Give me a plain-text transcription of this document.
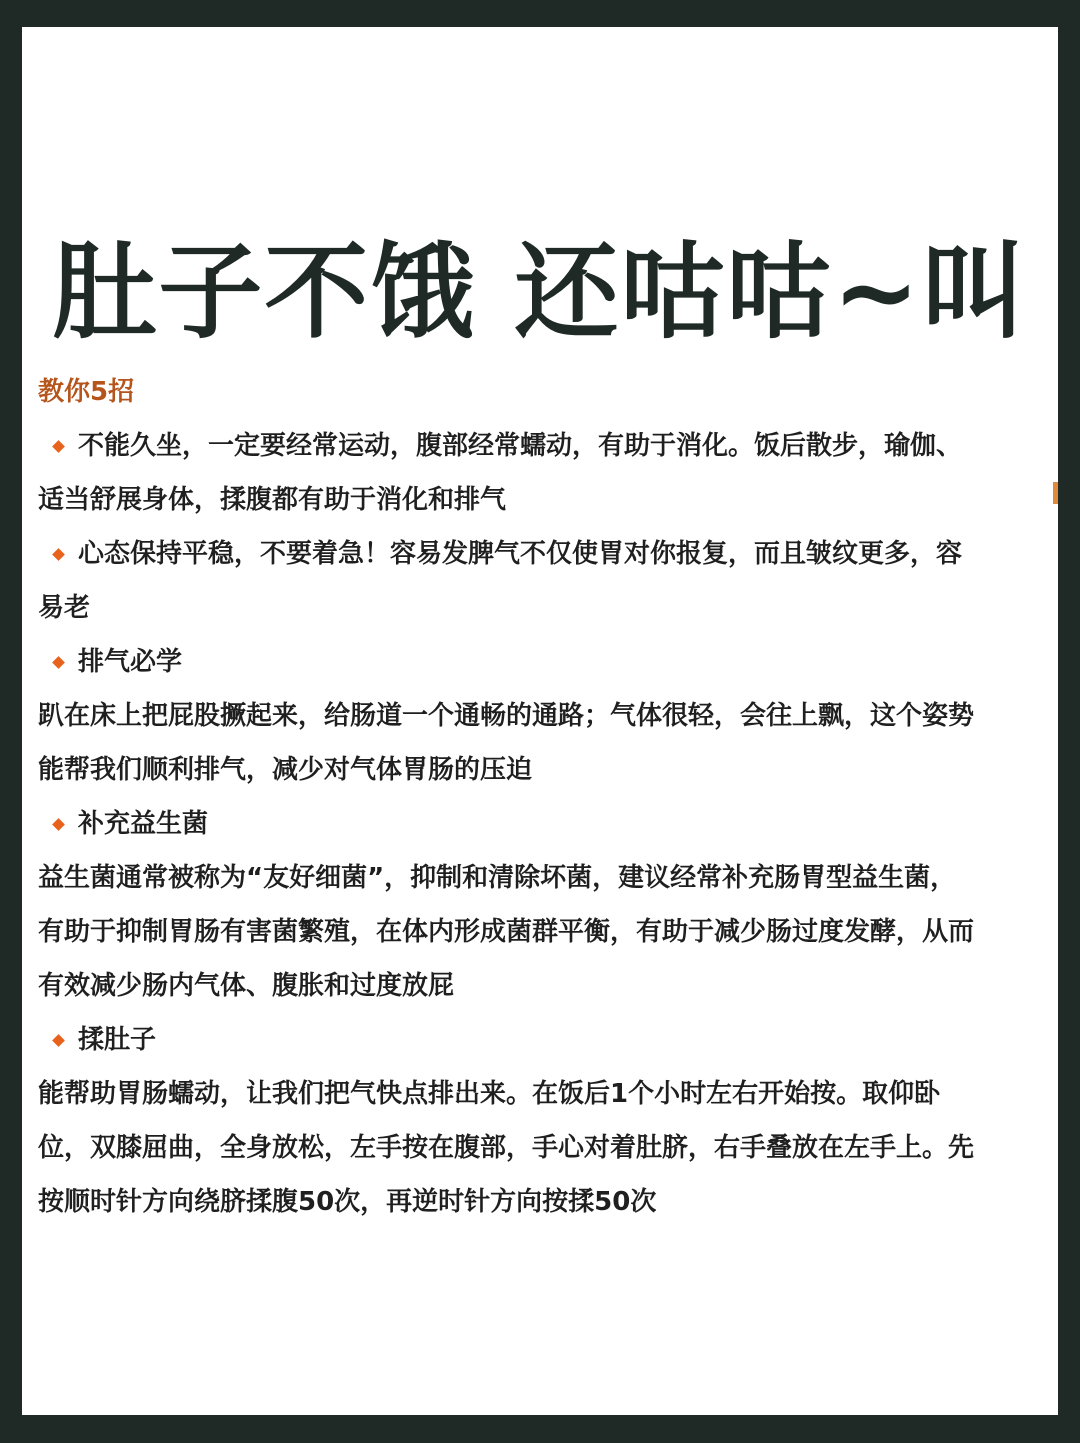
肚子不饿 还咕咕~叫
教你5招
不能久坐，一定要经常运动，腹部经常蠕动，有助于消化。饭后散步，瑜伽、
适当舒展身体，揉腹都有助于消化和排气
心态保持平稳，不要着急！容易发脾气不仅使胃对你报复，而且皱纹更多，容
易老
排气必学
趴在床上把屁股撅起来，给肠道一个通畅的通路；气体很轻，会往上飘，这个姿势
能帮我们顺利排气，减少对气体胃肠的压迫
补充益生菌
益生菌通常被称为“友好细菌”，抑制和清除坏菌，建议经常补充肠胃型益生菌，
有助于抑制胃肠有害菌繁殖，在体内形成菌群平衡，有助于减少肠过度发酵，从而
有效减少肠内气体、腹胀和过度放屁
揉肚子
能帮助胃肠蠕动，让我们把气快点排出来。在饭后1个小时左右开始按。取仰卧
位，双膝屈曲，全身放松，左手按在腹部，手心对着肚脐，右手叠放在左手上。先
按顺时针方向绕脐揉腹50次，再逆时针方向按揉50次
